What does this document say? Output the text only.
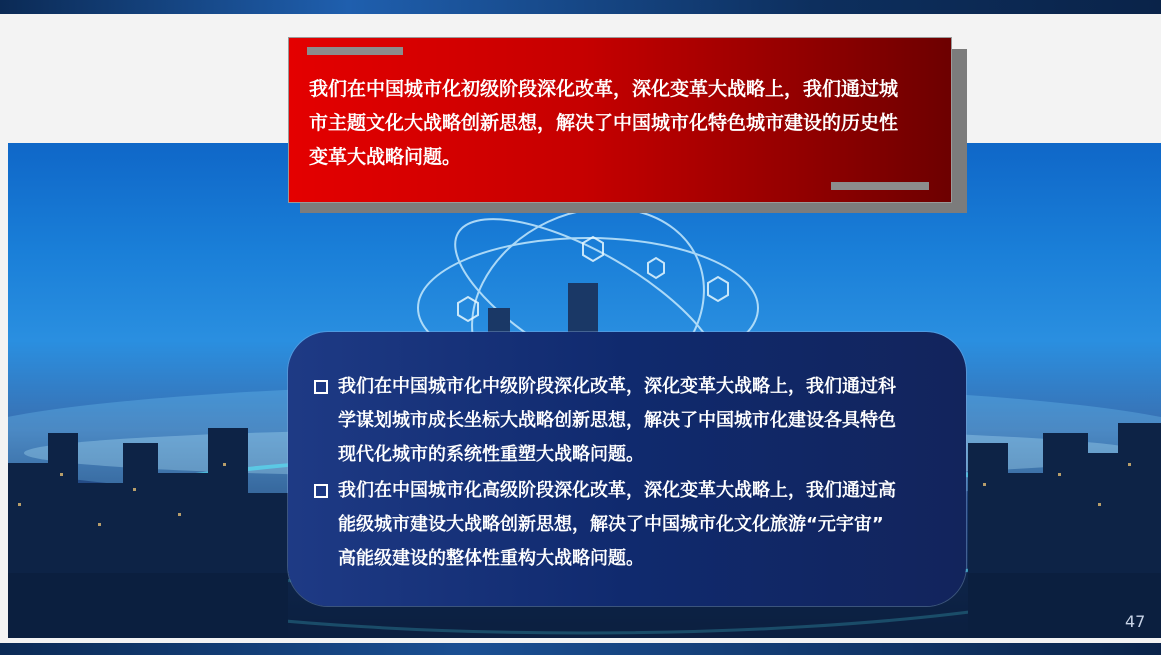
我们在中国城市化初级阶段深化改革，深化变革大战略上，我们通过城
市主题文化大战略创新思想，解决了中国城市化特色城市建设的历史性
变革大战略问题。
我们在中国城市化中级阶段深化改革，深化变革大战略上，我们通过科
学谋划城市成长坐标大战略创新思想，解决了中国城市化建设各具特色
现代化城市的系统性重塑大战略问题。
我们在中国城市化高级阶段深化改革，深化变革大战略上，我们通过高
能级城市建设大战略创新思想，解决了中国城市化文化旅游“元宇宙”
高能级建设的整体性重构大战略问题。
47
